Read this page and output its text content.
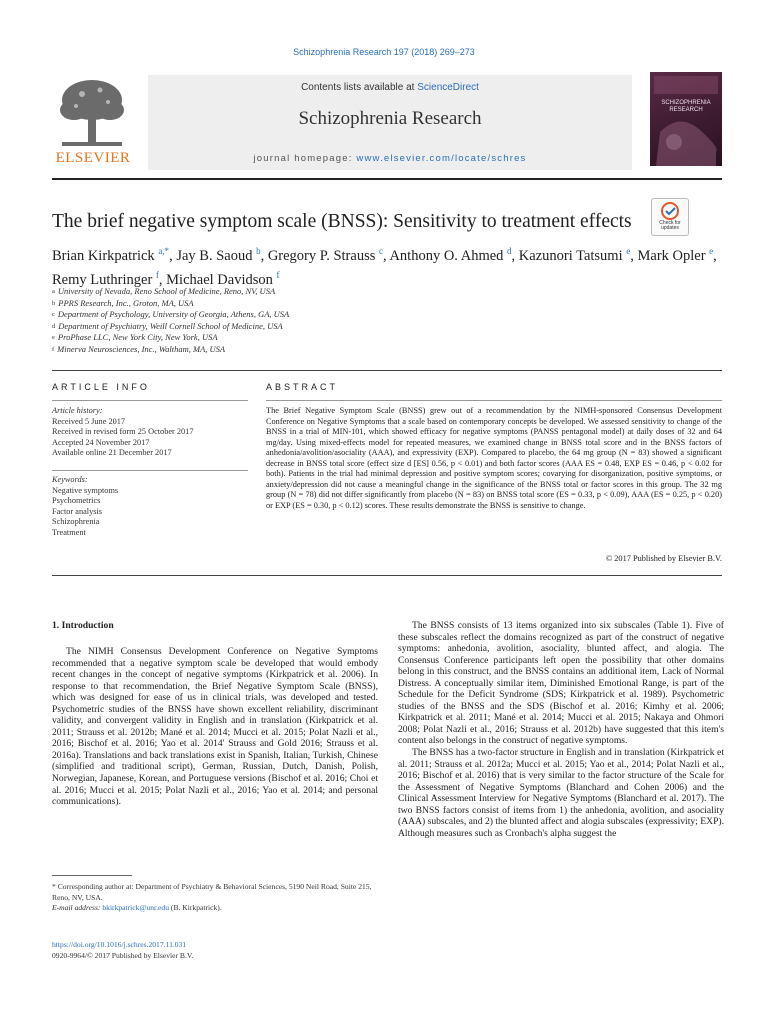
Schizophrenia Research 197 (2018) 269–273
ELSEVIER
Contents lists available at ScienceDirect
Schizophrenia Research
journal homepage: www.elsevier.com/locate/schres
SCHIZOPHRENIA RESEARCH
The brief negative symptom scale (BNSS): Sensitivity to treatment effects	Check for updates
Brian Kirkpatrick $^{a,*}$, Jay B. Saoud $^b$, Gregory P. Strauss $^c$, Anthony O. Ahmed $^d$, Kazunori Tatsumi $^e$, Mark Opler $^e$,
Remy Luthringer $^f$, Michael Davidson $^f$
$^a$ University of Nevada, Reno School of Medicine, Reno, NV, USA
$^b$ PPRS Research, Inc., Groton, MA, USA
$^c$ Department of Psychology, University of Georgia, Athens, GA, USA
$^d$ Department of Psychiatry, Weill Cornell School of Medicine, USA
$^e$ ProPhase LLC, New York City, New York, USA
$^f$ Minerva Neurosciences, Inc., Waltham, MA, USA
ARTICLE INFO	ABSTRACT
Article history:
Received 5 June 2017
Received in revised form 25 October 2017
Accepted 24 November 2017
Available online 21 December 2017
Keywords:
Negative symptoms
Psychometrics
Factor analysis
Schizophrenia
Treatment
The Brief Negative Symptom Scale (BNSS) grew out of a recommendation by the NIMH-sponsored Consensus Development Conference on Negative Symptoms that a scale based on contemporary concepts be developed. We assessed sensitivity to change of the BNSS in a trial of MIN-101, which showed efficacy for negative symptoms (PANSS pentagonal model) at daily doses of 32 and 64 mg/day. Using mixed-effects model for repeated measures, we examined change in BNSS total score and in the BNSS factors of anhedonia/avolition/asociality (AAA), and expressivity (EXP). Compared to placebo, the 64 mg group (N = 83) showed a significant decrease in BNSS total score (effect size d [ES] 0.56, p < 0.01) and both factor scores (AAA ES = 0.48, EXP ES = 0.46, p < 0.02 for both). Patients in the trial had minimal depression and positive symptom scores; covarying for disorganization, positive symptoms, or anxiety/depression did not cause a meaningful change in the significance of the BNSS total or factor scores in this group. The 32 mg group (N = 78) did not differ significantly from placebo (N = 83) on BNSS total score (ES = 0.33, p < 0.09), AAA (ES = 0.25, p < 0.20) or EXP (ES = 0.30, p < 0.12) scores. These results demonstrate the BNSS is sensitive to change.
© 2017 Published by Elsevier B.V.
1. Introduction

The NIMH Consensus Development Conference on Negative Symptoms recommended that a negative symptom scale be developed that would embody recent changes in the concept of negative symptoms (Kirkpatrick et al. 2006). In response to that recommendation, the Brief Negative Symptom Scale (BNSS), which was designed for ease of us in clinical trials, was developed and tested. Psychometric studies of the BNSS have shown excellent reliability, discriminant validity, and convergent validity in English and in translation (Kirkpatrick et al. 2011; Strauss et al. 2012b; Mané et al. 2014; Mucci et al. 2015; Polat Nazli et al., 2016; Bischof et al. 2016; Yao et al. 2014' Strauss and Gold 2016; Strauss et al. 2016a). Translations and back translations exist in Spanish, Italian, Turkish, Chinese (simplified and traditional script), German, Russian, Dutch, Danish, Polish, Norwegian, Japanese, Korean, and Portuguese versions (Bischof et al. 2016; Choi et al. 2016; Mucci et al. 2015; Polat Nazli et al., 2016; Yao et al. 2014; and personal communications).

The BNSS consists of 13 items organized into six subscales (Table 1). Five of these subscales reflect the domains recognized as part of the construct of negative symptoms: anhedonia, avolition, asociality, blunted affect, and alogia. The Consensus Conference participants left open the possibility that other domains belong in this construct, and the BNSS contains an additional item, Lack of Normal Distress. A conceptually similar item, Diminished Emotional Range, is part of the Schedule for the Deficit Syndrome (SDS; Kirkpatrick et al. 1989). Psychometric studies of the BNSS and the SDS (Bischof et al. 2016; Kimhy et al. 2006; Kirkpatrick et al. 2011; Mané et al. 2014; Mucci et al. 2015; Nakaya and Ohmori 2008; Polat Nazli et al., 2016; Strauss et al. 2012b) have suggested that this item's content also belongs in the construct of negative symptoms.

The BNSS has a two-factor structure in English and in translation (Kirkpatrick et al. 2011; Strauss et al. 2012a; Mucci et al. 2015; Yao et al., 2014; Polat Nazli et al., 2016; Bischof et al. 2016) that is very similar to the factor structure of the Scale for the Assessment of Negative Symptoms (Blanchard and Cohen 2006) and the Clinical Assessment Interview for Negative Symptoms (Blanchard et al. 2017). The two BNSS factors consist of items from 1) the anhedonia, avolition, and asociality (AAA) subscales, and 2) the blunted affect and alogia subscales (expressivity; EXP). Although measures such as Cronbach's alpha suggest the

* Corresponding author at: Department of Psychiatry & Behavioral Sciences, 5190 Neil Road, Suite 215, Reno, NV, USA.
E-mail address: bkirkpatrick@unr.edu (B. Kirkpatrick).
https://doi.org/10.1016/j.schres.2017.11.031
0920-9964/© 2017 Published by Elsevier B.V.
